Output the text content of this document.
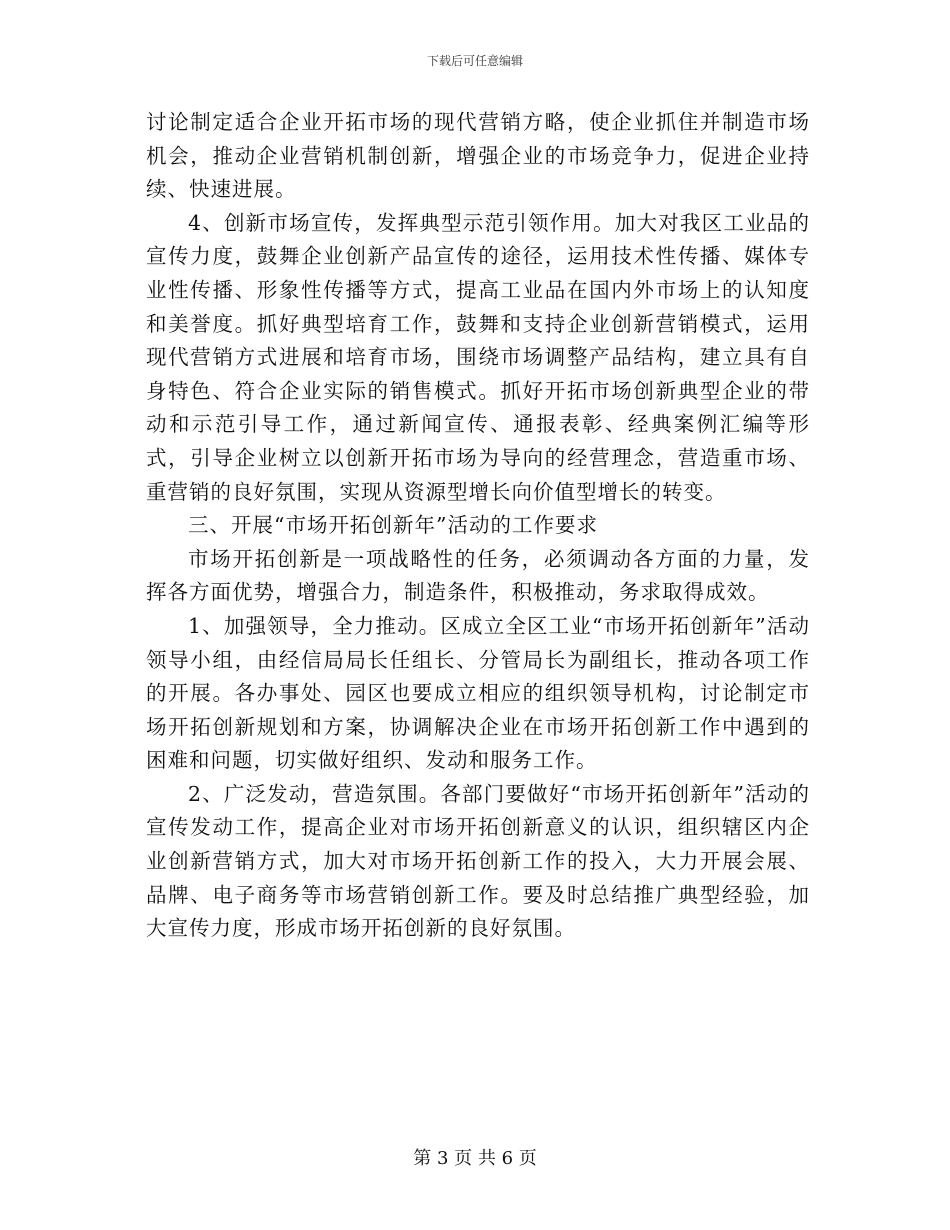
下载后可任意编辑

讨论制定适合企业开拓市场的现代营销方略，使企业抓住并制造市场机会，推动企业营销机制创新，增强企业的市场竞争力，促进企业持续、快速进展。

4、创新市场宣传，发挥典型示范引领作用。加大对我区工业品的宣传力度，鼓舞企业创新产品宣传的途径，运用技术性传播、媒体专业性传播、形象性传播等方式，提高工业品在国内外市场上的认知度和美誉度。抓好典型培育工作，鼓舞和支持企业创新营销模式，运用现代营销方式进展和培育市场，围绕市场调整产品结构，建立具有自身特色、符合企业实际的销售模式。抓好开拓市场创新典型企业的带动和示范引导工作，通过新闻宣传、通报表彰、经典案例汇编等形式，引导企业树立以创新开拓市场为导向的经营理念，营造重市场、重营销的良好氛围，实现从资源型增长向价值型增长的转变。

三、开展“市场开拓创新年”活动的工作要求

市场开拓创新是一项战略性的任务，必须调动各方面的力量，发挥各方面优势，增强合力，制造条件，积极推动，务求取得成效。

1、加强领导，全力推动。区成立全区工业“市场开拓创新年”活动领导小组，由经信局局长任组长、分管局长为副组长，推动各项工作的开展。各办事处、园区也要成立相应的组织领导机构，讨论制定市场开拓创新规划和方案，协调解决企业在市场开拓创新工作中遇到的困难和问题，切实做好组织、发动和服务工作。

2、广泛发动，营造氛围。各部门要做好“市场开拓创新年”活动的宣传发动工作，提高企业对市场开拓创新意义的认识，组织辖区内企业创新营销方式，加大对市场开拓创新工作的投入，大力开展会展、品牌、电子商务等市场营销创新工作。要及时总结推广典型经验，加大宣传力度，形成市场开拓创新的良好氛围。

第 3 页 共 6 页
